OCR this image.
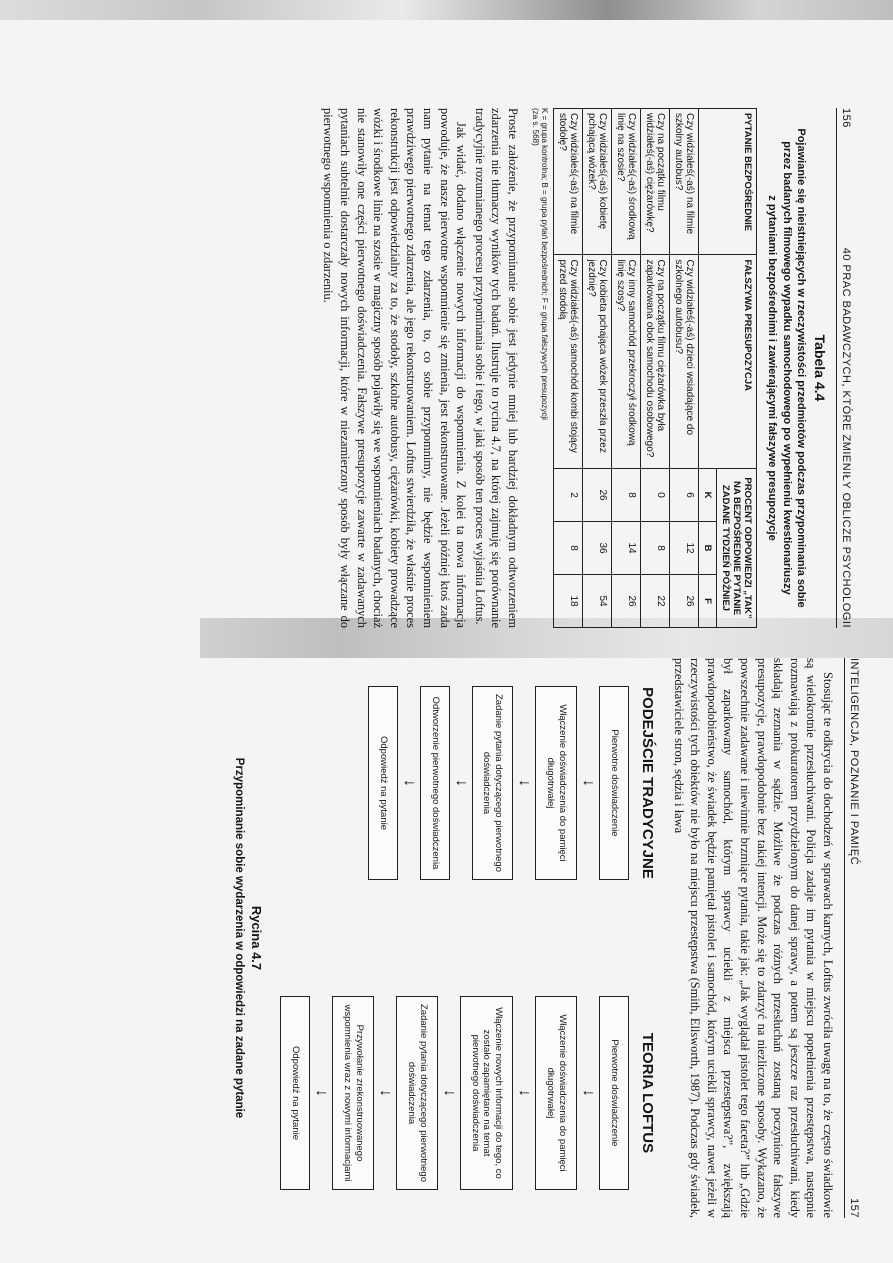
156
40 PRAC BADAWCZYCH, KTÓRE ZMIENIŁY OBLICZE PSYCHOLOGII
Tabela 4.4
Pojawianie się nieistniejących w rzeczywistości przedmiotów podczas przypominania sobie
przez badanych filmowego wypadku samochodowego po wypełnieniu kwestionariuszy
z pytaniami bezpośrednimi i zawierającymi fałszywe presupozycje
PYTANIE BEZPOŚREDNIE	FAŁSZYWA PRESUPOZYCJA	PROCENT ODPOWIEDZI „TAK” NA BEZPOŚREDNIE PYTANIE ZADANE TYDZIEŃ PÓŹNIEJ		
		K	B	F
Czy widziałeś(-aś) na filmie szkolny autobus?	Czy widziałeś(-aś) dzieci wsiadające do szkolnego autobusu?	6	12	26
Czy na początku filmu widziałeś(-aś) ciężarówkę?	Czy na początku filmu ciężarówka była zaparkowana obok samochodu osobowego?	0	8	22
Czy widziałeś(-aś) środkową linię na szosie?	Czy inny samochód przekroczył środkową linię szosy?	8	14	26
Czy widziałeś(-aś) kobietę pchającą wózek?	Czy kobieta pchająca wózek przeszła przez jezdnię?	26	36	54
Czy widziałeś(-aś) na filmie stodołę?	Czy widziałeś(-aś) samochód kombi stojący przed stodołą	2	8	18
K = grupa kontrolna; B = grupa pytań bezpośrednich; F = grupa fałszywych presupozycji
(za s. 568)

Proste założenie, że przypominanie sobie jest jedynie mniej lub bardziej dokładnym odtworzeniem zdarzenia nie tłumaczy wyników tych badań. Ilustruje to rycina 4.7, na której zajmuję się porównanie tradycyjnie rozumianego procesu przypominania sobie i tego, w jaki sposób ten proces wyjaśnia Loftus.

Jak widać, dodano włączenie nowych informacji do wspomnienia. Z kolei ta nowa informacja powoduje, że nasze pierwotne wspomnienie się zmienia, jest rekonstruowane. Jeżeli później ktoś zada nam pytanie na temat tego zdarzenia, to, co sobie przypomnimy, nie będzie wspomnieniem prawdziwego pierwotnego zdarzenia, ale jego rekonstruowaniem. Loftus stwierdziła, że właśnie proces rekonstrukcji jest odpowiedzialny za to, że stodoły, szkolne autobusy, ciężarówki, kobiety prowadzące wózki i środkowe linie na szosie w magiczny sposób pojawiły się we wspomnieniach badanych, chociaż nie stanowiły one części pierwotnego doświadczenia. Fałszywe presupozycje zawarte w zadawanych pytaniach subtelnie dostarczały nowych informacji, które w niezamierzony sposób były włączane do pierwotnego wspomnienia o zdarzeniu.

INTELIGENCJA, POZNANIE I PAMIĘĆ
157

Stosując te odkrycia do dochodzeń w sprawach karnych, Loftus zwróciła uwagę na to, że często świadkowie są wielokrotnie przesłuchiwani. Policja zadaje im pytania w miejscu popełnienia przestępstwa, następnie rozmawiają z prokuratorem przydzielonym do danej sprawy, a potem są jeszcze raz przesłuchiwani, kiedy składają zeznania w sądzie. Możliwe że podczas różnych przesłuchań zostaną poczynione fałszywe presupozycje, prawdopodobnie bez takiej intencji. Może się to zdarzyć na niezliczone sposoby. Wykazano, że powszechnie zadawane i niewinnie brzmiące pytania, takie jak: „Jak wyglądał pistolet tego faceta?” lub „Gdzie był zaparkowany samochód, którym sprawcy uciekli z miejsca przestępstwa?”, zwiększają prawdopodobieństwo, że świadek będzie pamiętał pistolet i samochód, którym uciekli sprawcy, nawet jeżeli w rzeczywistości tych obiektów nie było na miejscu przestępstwa (Smith, Ellsworth, 1987). Podczas gdy świadek, przedstawiciele stron, sędzia i ława

PODEJŚCIE TRADYCYJNE
Pierwotne doświadczenie
↓
Włączenie doświadczenia do pamięci długotrwałej
↓
Zadanie pytania dotyczącego pierwotnego doświadczenia
↓
Odtworzenie pierwotnego doświadczenia
↓
Odpowiedź na pytanie
TEORIA LOFTUS
Pierwotne doświadczenie
↓
Włączenie doświadczenia do pamięci długotrwałej
↓
Włączenie nowych informacji do tego, co zostało zapamiętane na temat pierwotnego doświadczenia
↓
Zadanie pytania dotyczącego pierwotnego doświadczenia
↓
Przywołanie zrekonstruowanego wspomnienia wraz z nowymi informacjami
↓
Odpowiedź na pytanie
Rycina 4.7
Przypominanie sobie wydarzenia w odpowiedzi na zadane pytanie
